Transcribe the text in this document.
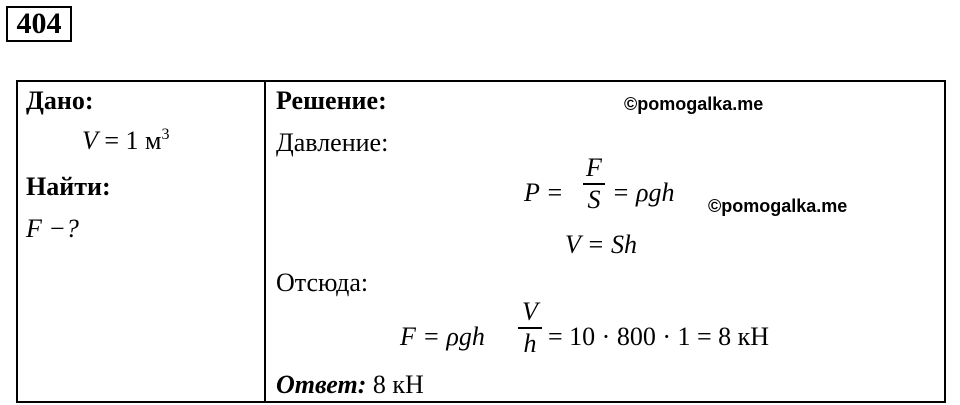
404
Дано:
V = 1 $м^3$
Найти:
F −?
Решение:	©pomogalka.me
Давление:
P =
F
S = ρgh ©pomogalka.me
V = Sh
Отсюда:
F = ρgh
V
h = 10 · 800 · 1 = 8 кН
Ответ: 8 кН
